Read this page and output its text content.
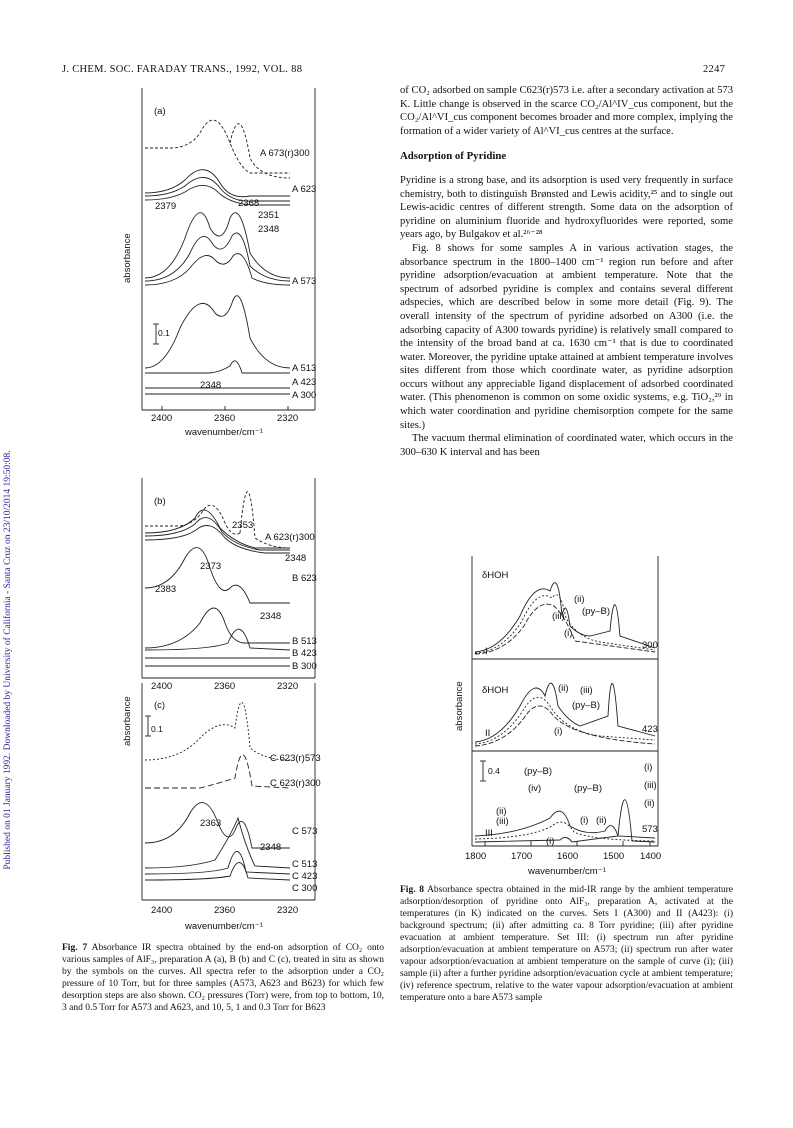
J. CHEM. SOC. FARADAY TRANS., 1992, VOL. 88	2247
Published on 01 January 1992. Downloaded by University of California - Santa Cruz on 23/10/2014 19:50:08.
(a)
A 673(r)300
A 623
A 573
A 513
A 423
A 300
2379	2368
2351
2348
2348
0.1
2400	2360	2320
wavenumber/cm⁻¹
absorbance
(b)
2353
A 623(r)300
2348
2373
B 623
2383
2348
B 513
B 423
B 300
2400	2360	2320
(c)
0.1
C 623(r)573
C 623(r)300
2363
C 573
2348
C 513
C 423
C 300
2400	2360	2320
wavenumber/cm⁻¹
absorbance
Fig. 7 Absorbance IR spectra obtained by the end-on adsorption of CO₂ onto various samples of AlF₃, preparation A (a), B (b) and C (c), treated in situ as shown by the symbols on the curves. All spectra refer to the adsorption under a CO₂ pressure of 10 Torr, but for three samples (A573, A623 and B623) for which few desorption steps are also shown. CO₂ pressures (Torr) were, from top to bottom, 10, 3 and 0.5 Torr for A573 and A623, and 10, 5, 1 and 0.3 Torr for B623

of CO₂ adsorbed on sample C623(r)573 i.e. after a secondary activation at 573 K. Little change is observed in the scarce CO₂/Al^IV_cus component, but the CO₂/Al^VI_cus component becomes broader and more complex, implying the formation of a wider variety of Al^VI_cus centres at the surface.

Adsorption of Pyridine

Pyridine is a strong base, and its adsorption is used very frequently in surface chemistry, both to distinguish Brønsted and Lewis acidity,²⁵ and to single out Lewis-acidic centres of different strength. Some data on the adsorption of pyridine on aluminium fluoride and hydroxyfluorides were reported, some years ago, by Bulgakov et al.²⁶⁻²⁸

Fig. 8 shows for some samples A in various activation stages, the absorbance spectrum in the 1800–1400 cm⁻¹ region run before and after pyridine adsorption/evacuation at ambient temperature. Note that the spectrum of adsorbed pyridine is complex and contains several different adspecies, which are described below in some more detail (Fig. 9). The overall intensity of the spectrum of pyridine adsorbed on A300 (i.e. the adsorbing capacity of A300 towards pyridine) is relatively small compared to the intensity of the broad band at ca. 1630 cm⁻¹ that is due to coordinated water. Moreover, the pyridine uptake attained at ambient temperature involves sites different from those which coordinate water, as pyridine adsorption occurs without any appreciable ligand displacement of adsorbed coordinated water. (This phenomenon is common on some oxidic systems, e.g. TiO₂,²⁹ in which water coordination and pyridine chemisorption compete for the same sites.)

The vacuum thermal elimination of coordinated water, which occurs in the 300–630 K interval and has been

δHOH
(ii)
(iii) (py–B)
(i)
I
300
δHOH	(ii) (iii)
(py–B)
(i)
II	423
0.4	(py–B)
(iv)	(py–B)
(ii)
(iii)	(i) (ii)
(i)
(iii)
(ii)
(i)
III	573
1800	1700	1600	1500 1400
wavenumber/cm⁻¹
absorbance
Fig. 8 Absorbance spectra obtained in the mid-IR range by the ambient temperature adsorption/desorption of pyridine onto AlF₃, preparation A, activated at the temperatures (in K) indicated on the curves. Sets I (A300) and II (A423): (i) background spectrum; (ii) after admitting ca. 8 Torr pyridine; (iii) after pyridine evacuation at ambient temperature. Set III: (i) spectrum run after pyridine adsorption/evacuation at ambient temperature on A573; (ii) spectrum run after water vapour adsorption/evacuation at ambient temperature on the sample of curve (i); (iii) sample (ii) after a further pyridine adsorption/evacuation cycle at ambient temperature; (iv) reference spectrum, relative to the water vapour adsorption/evacuation at ambient temperature onto a bare A573 sample
